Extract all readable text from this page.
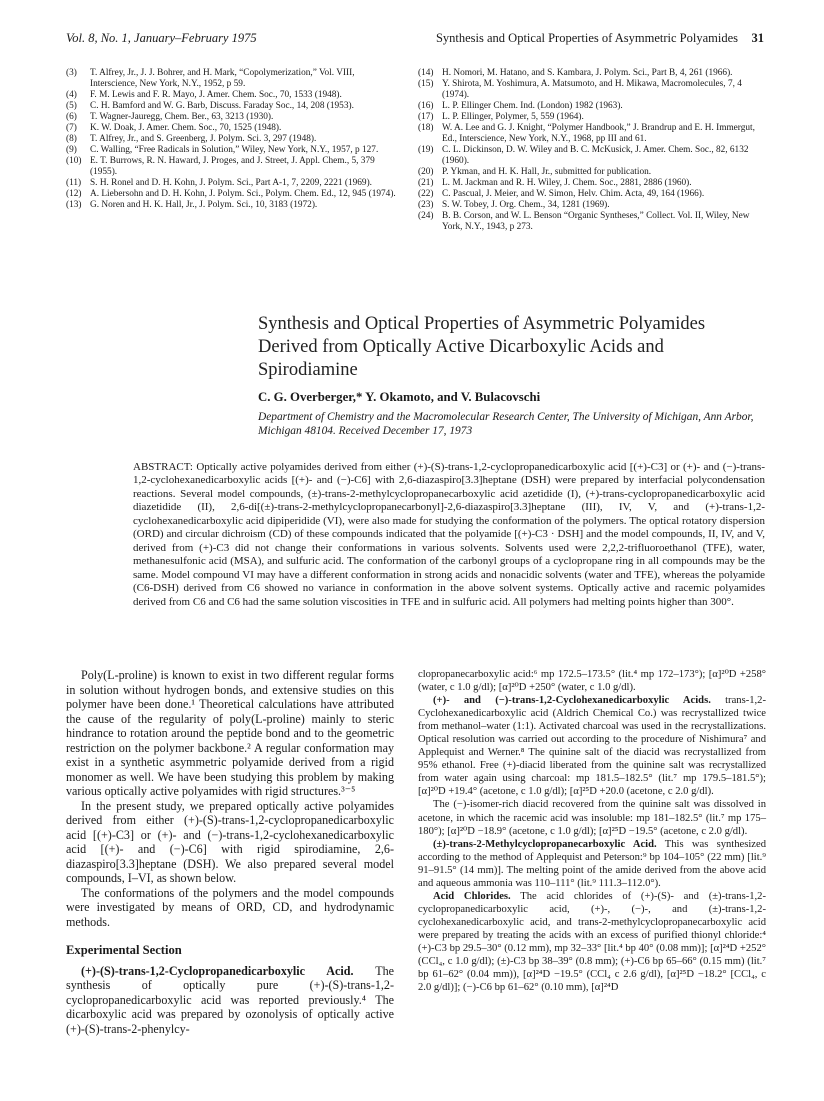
Vol. 8, No. 1, January–February 1975	Synthesis and Optical Properties of Asymmetric Polyamides 31

(3) T. Alfrey, Jr., J. J. Bohrer, and H. Mark, “Copolymerization,” Vol. VIII, Interscience, New York, N.Y., 1952, p 59.

(4) F. M. Lewis and F. R. Mayo, J. Amer. Chem. Soc., 70, 1533 (1948).

(5) C. H. Bamford and W. G. Barb, Discuss. Faraday Soc., 14, 208 (1953).

(6) T. Wagner-Jauregg, Chem. Ber., 63, 3213 (1930).

(7) K. W. Doak, J. Amer. Chem. Soc., 70, 1525 (1948).

(8) T. Alfrey, Jr., and S. Greenberg, J. Polym. Sci. 3, 297 (1948).

(9) C. Walling, “Free Radicals in Solution,” Wiley, New York, N.Y., 1957, p 127.

(10) E. T. Burrows, R. N. Haward, J. Proges, and J. Street, J. Appl. Chem., 5, 379 (1955).

(11) S. H. Ronel and D. H. Kohn, J. Polym. Sci., Part A-1, 7, 2209, 2221 (1969).

(12) A. Liebersohn and D. H. Kohn, J. Polym. Sci., Polym. Chem. Ed., 12, 945 (1974).

(13) G. Noren and H. K. Hall, Jr., J. Polym. Sci., 10, 3183 (1972).

(14) H. Nomori, M. Hatano, and S. Kambara, J. Polym. Sci., Part B, 4, 261 (1966).

(15) Y. Shirota, M. Yoshimura, A. Matsumoto, and H. Mikawa, Macromolecules, 7, 4 (1974).

(16) L. P. Ellinger Chem. Ind. (London) 1982 (1963).

(17) L. P. Ellinger, Polymer, 5, 559 (1964).

(18) W. A. Lee and G. J. Knight, “Polymer Handbook,” J. Brandrup and E. H. Immergut, Ed., Interscience, New York, N.Y., 1968, pp III and 61.

(19) C. L. Dickinson, D. W. Wiley and B. C. McKusick, J. Amer. Chem. Soc., 82, 6132 (1960).

(20) P. Ykman, and H. K. Hall, Jr., submitted for publication.

(21) L. M. Jackman and R. H. Wiley, J. Chem. Soc., 2881, 2886 (1960).

(22) C. Pascual, J. Meier, and W. Simon, Helv. Chim. Acta, 49, 164 (1966).

(23) S. W. Tobey, J. Org. Chem., 34, 1281 (1969).

(24) B. B. Corson, and W. L. Benson “Organic Syntheses,” Collect. Vol. II, Wiley, New York, N.Y., 1943, p 273.

Synthesis and Optical Properties of Asymmetric Polyamides Derived from Optically Active Dicarboxylic Acids and Spirodiamine
C. G. Overberger,* Y. Okamoto, and V. Bulacovschi
Department of Chemistry and the Macromolecular Research Center, The University of Michigan, Ann Arbor, Michigan 48104. Received December 17, 1973
ABSTRACT: Optically active polyamides derived from either (+)-(S)-trans-1,2-cyclopropanedicarboxylic acid [(+)-C3] or (+)- and (−)-trans-1,2-cyclohexanedicarboxylic acids [(+)- and (−)-C6] with 2,6-diazaspiro[3.3]heptane (DSH) were prepared by interfacial polycondensation reactions. Several model compounds, (±)-trans-2-methylcyclopropanecarboxylic acid azetidide (I), (+)-trans-cyclopropanedicarboxylic acid diazetidide (II), 2,6-di[(±)-trans-2-methylcyclopropanecarbonyl]-2,6-diazaspiro[3.3]heptane (III), IV, V, and (+)-trans-1,2-cyclohexanedicarboxylic acid dipiperidide (VI), were also made for studying the conformation of the polymers. The optical rotatory dispersion (ORD) and circular dichroism (CD) of these compounds indicated that the polyamide [(+)-C3 · DSH] and the model compounds, II, IV, and V, derived from (+)-C3 did not change their conformations in various solvents. Solvents used were 2,2,2-trifluoroethanol (TFE), water, methanesulfonic acid (MSA), and sulfuric acid. The conformation of the carbonyl groups of a cyclopropane ring in all compounds may be the same. Model compound VI may have a different conformation in strong acids and nonacidic solvents (water and TFE), whereas the polyamide (C6-DSH) derived from C6 showed no variance in conformation in the above solvent systems. Optically active and racemic polyamides derived from C6 and C6 had the same solution viscosities in TFE and in sulfuric acid. All polymers had melting points higher than 300°.

Poly(L-proline) is known to exist in two different regular forms in solution without hydrogen bonds, and extensive studies on this polymer have been done.¹ Theoretical calculations have attributed the cause of the regularity of poly(L-proline) mainly to steric hindrance to rotation around the peptide bond and to the geometric restriction on the polymer backbone.² A regular conformation may exist in a synthetic asymmetric polyamide derived from a rigid monomer as well. We have been studying this problem by making various optically active polyamides with rigid structures.³⁻⁵

In the present study, we prepared optically active polyamides derived from either (+)-(S)-trans-1,2-cyclopropanedicarboxylic acid [(+)-C3] or (+)- and (−)-trans-1,2-cyclohexanedicarboxylic acid [(+)- and (−)-C6] with rigid spirodiamine, 2,6-diazaspiro[3.3]heptane (DSH). We also prepared several model compounds, I–VI, as shown below.

The conformations of the polymers and the model compounds were investigated by means of ORD, CD, and hydrodynamic methods.

Experimental Section

(+)-(S)-trans-1,2-Cyclopropanedicarboxylic Acid. The synthesis of optically pure (+)-(S)-trans-1,2-cyclopropanedicarboxylic acid was reported previously.⁴ The dicarboxylic acid was prepared by ozonolysis of optically active (+)-(S)-trans-2-phenylcy-

clopropanecarboxylic acid:⁶ mp 172.5–173.5° (lit.⁴ mp 172–173°); [α]²⁰D +258° (water, c 1.0 g/dl); [α]²⁰D +250° (water, c 1.0 g/dl).

(+)- and (−)-trans-1,2-Cyclohexanedicarboxylic Acids. trans-1,2-Cyclohexanedicarboxylic acid (Aldrich Chemical Co.) was recrystallized twice from methanol–water (1:1). Activated charcoal was used in the recrystallizations. Optical resolution was carried out according to the procedure of Nishimura⁷ and Applequist and Werner.⁸ The quinine salt of the diacid was recrystallized from 95% ethanol. Free (+)-diacid liberated from the quinine salt was recrystallized from water again using charcoal: mp 181.5–182.5° (lit.⁷ mp 179.5–181.5°); [α]²⁰D +19.4° (acetone, c 1.0 g/dl); [α]²⁵D +20.0 (acetone, c 2.0 g/dl).

The (−)-isomer-rich diacid recovered from the quinine salt was dissolved in acetone, in which the racemic acid was insoluble: mp 181–182.5° (lit.⁷ mp 175–180°); [α]²⁰D −18.9° (acetone, c 1.0 g/dl); [α]²⁵D −19.5° (acetone, c 2.0 g/dl).

(±)-trans-2-Methylcyclopropanecarboxylic Acid. This was synthesized according to the method of Applequist and Peterson:⁹ bp 104–105° (22 mm) [lit.⁹ 91–91.5° (14 mm)]. The melting point of the amide derived from the above acid and aqueous ammonia was 110–111° (lit.⁹ 111.3–112.0°).

Acid Chlorides. The acid chlorides of (+)-(S)- and (±)-trans-1,2-cyclopropanedicarboxylic acid, (+)-, (−)-, and (±)-trans-1,2-cyclohexanedicarboxylic acid, and trans-2-methylcyclopropanecarboxylic acid were prepared by treating the acids with an excess of purified thionyl chloride:⁴ (+)-C3 bp 29.5–30° (0.12 mm), mp 32–33° [lit.⁴ bp 40° (0.08 mm)]; [α]²⁴D +252° (CCl₄, c 1.0 g/dl); (±)-C3 bp 38–39° (0.8 mm); (+)-C6 bp 65–66° (0.15 mm) (lit.⁷ bp 61–62° (0.04 mm)), [α]²⁴D −19.5° (CCl₄ c 2.6 g/dl), [α]²⁵D −18.2° [CCl₄, c 2.0 g/dl)]; (−)-C6 bp 61–62° (0.10 mm), [α]²⁴D
